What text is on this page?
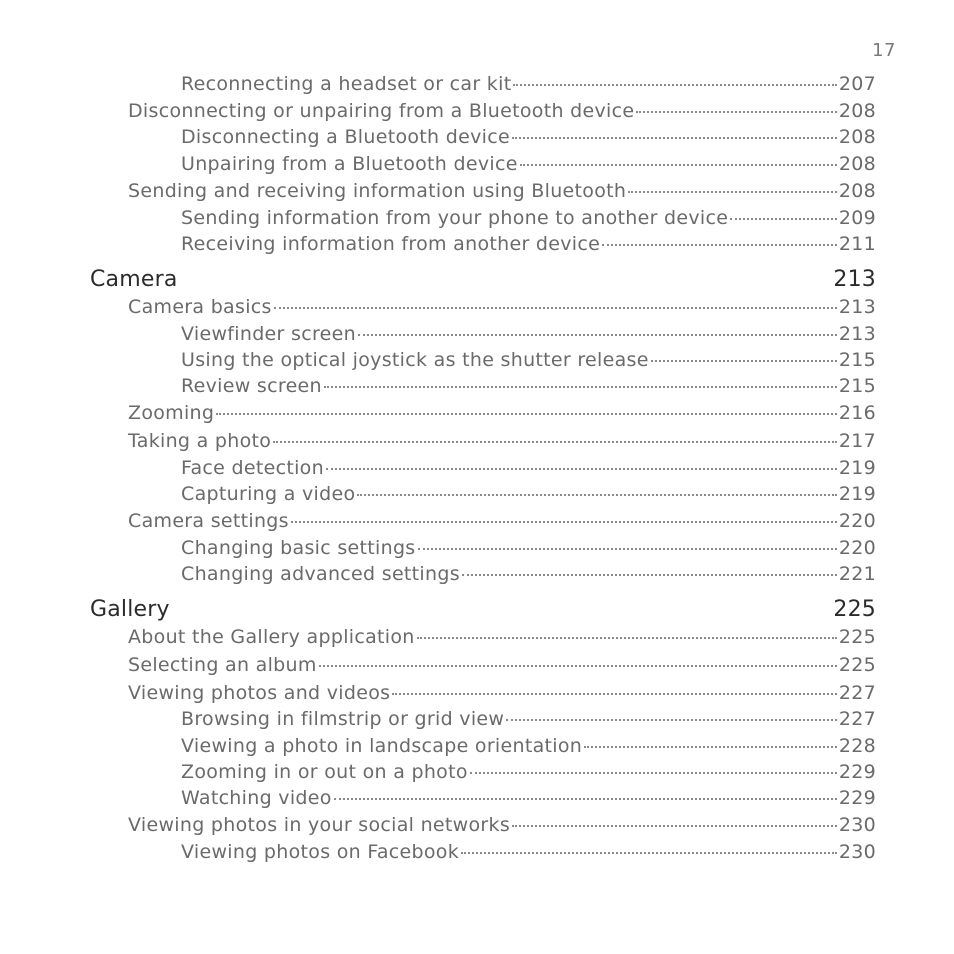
17
Reconnecting a headset or car kit	207
Disconnecting or unpairing from a Bluetooth device	208
Disconnecting a Bluetooth device	208
Unpairing from a Bluetooth device	208
Sending and receiving information using Bluetooth	208
Sending information from your phone to another device	209
Receiving information from another device	211
Camera	213
Camera basics	213
Viewfinder screen	213
Using the optical joystick as the shutter release	215
Review screen	215
Zooming	216
Taking a photo	217
Face detection	219
Capturing a video	219
Camera settings	220
Changing basic settings	220
Changing advanced settings	221
Gallery	225
About the Gallery application	225
Selecting an album	225
Viewing photos and videos	227
Browsing in filmstrip or grid view	227
Viewing a photo in landscape orientation	228
Zooming in or out on a photo	229
Watching video	229
Viewing photos in your social networks	230
Viewing photos on Facebook	230
